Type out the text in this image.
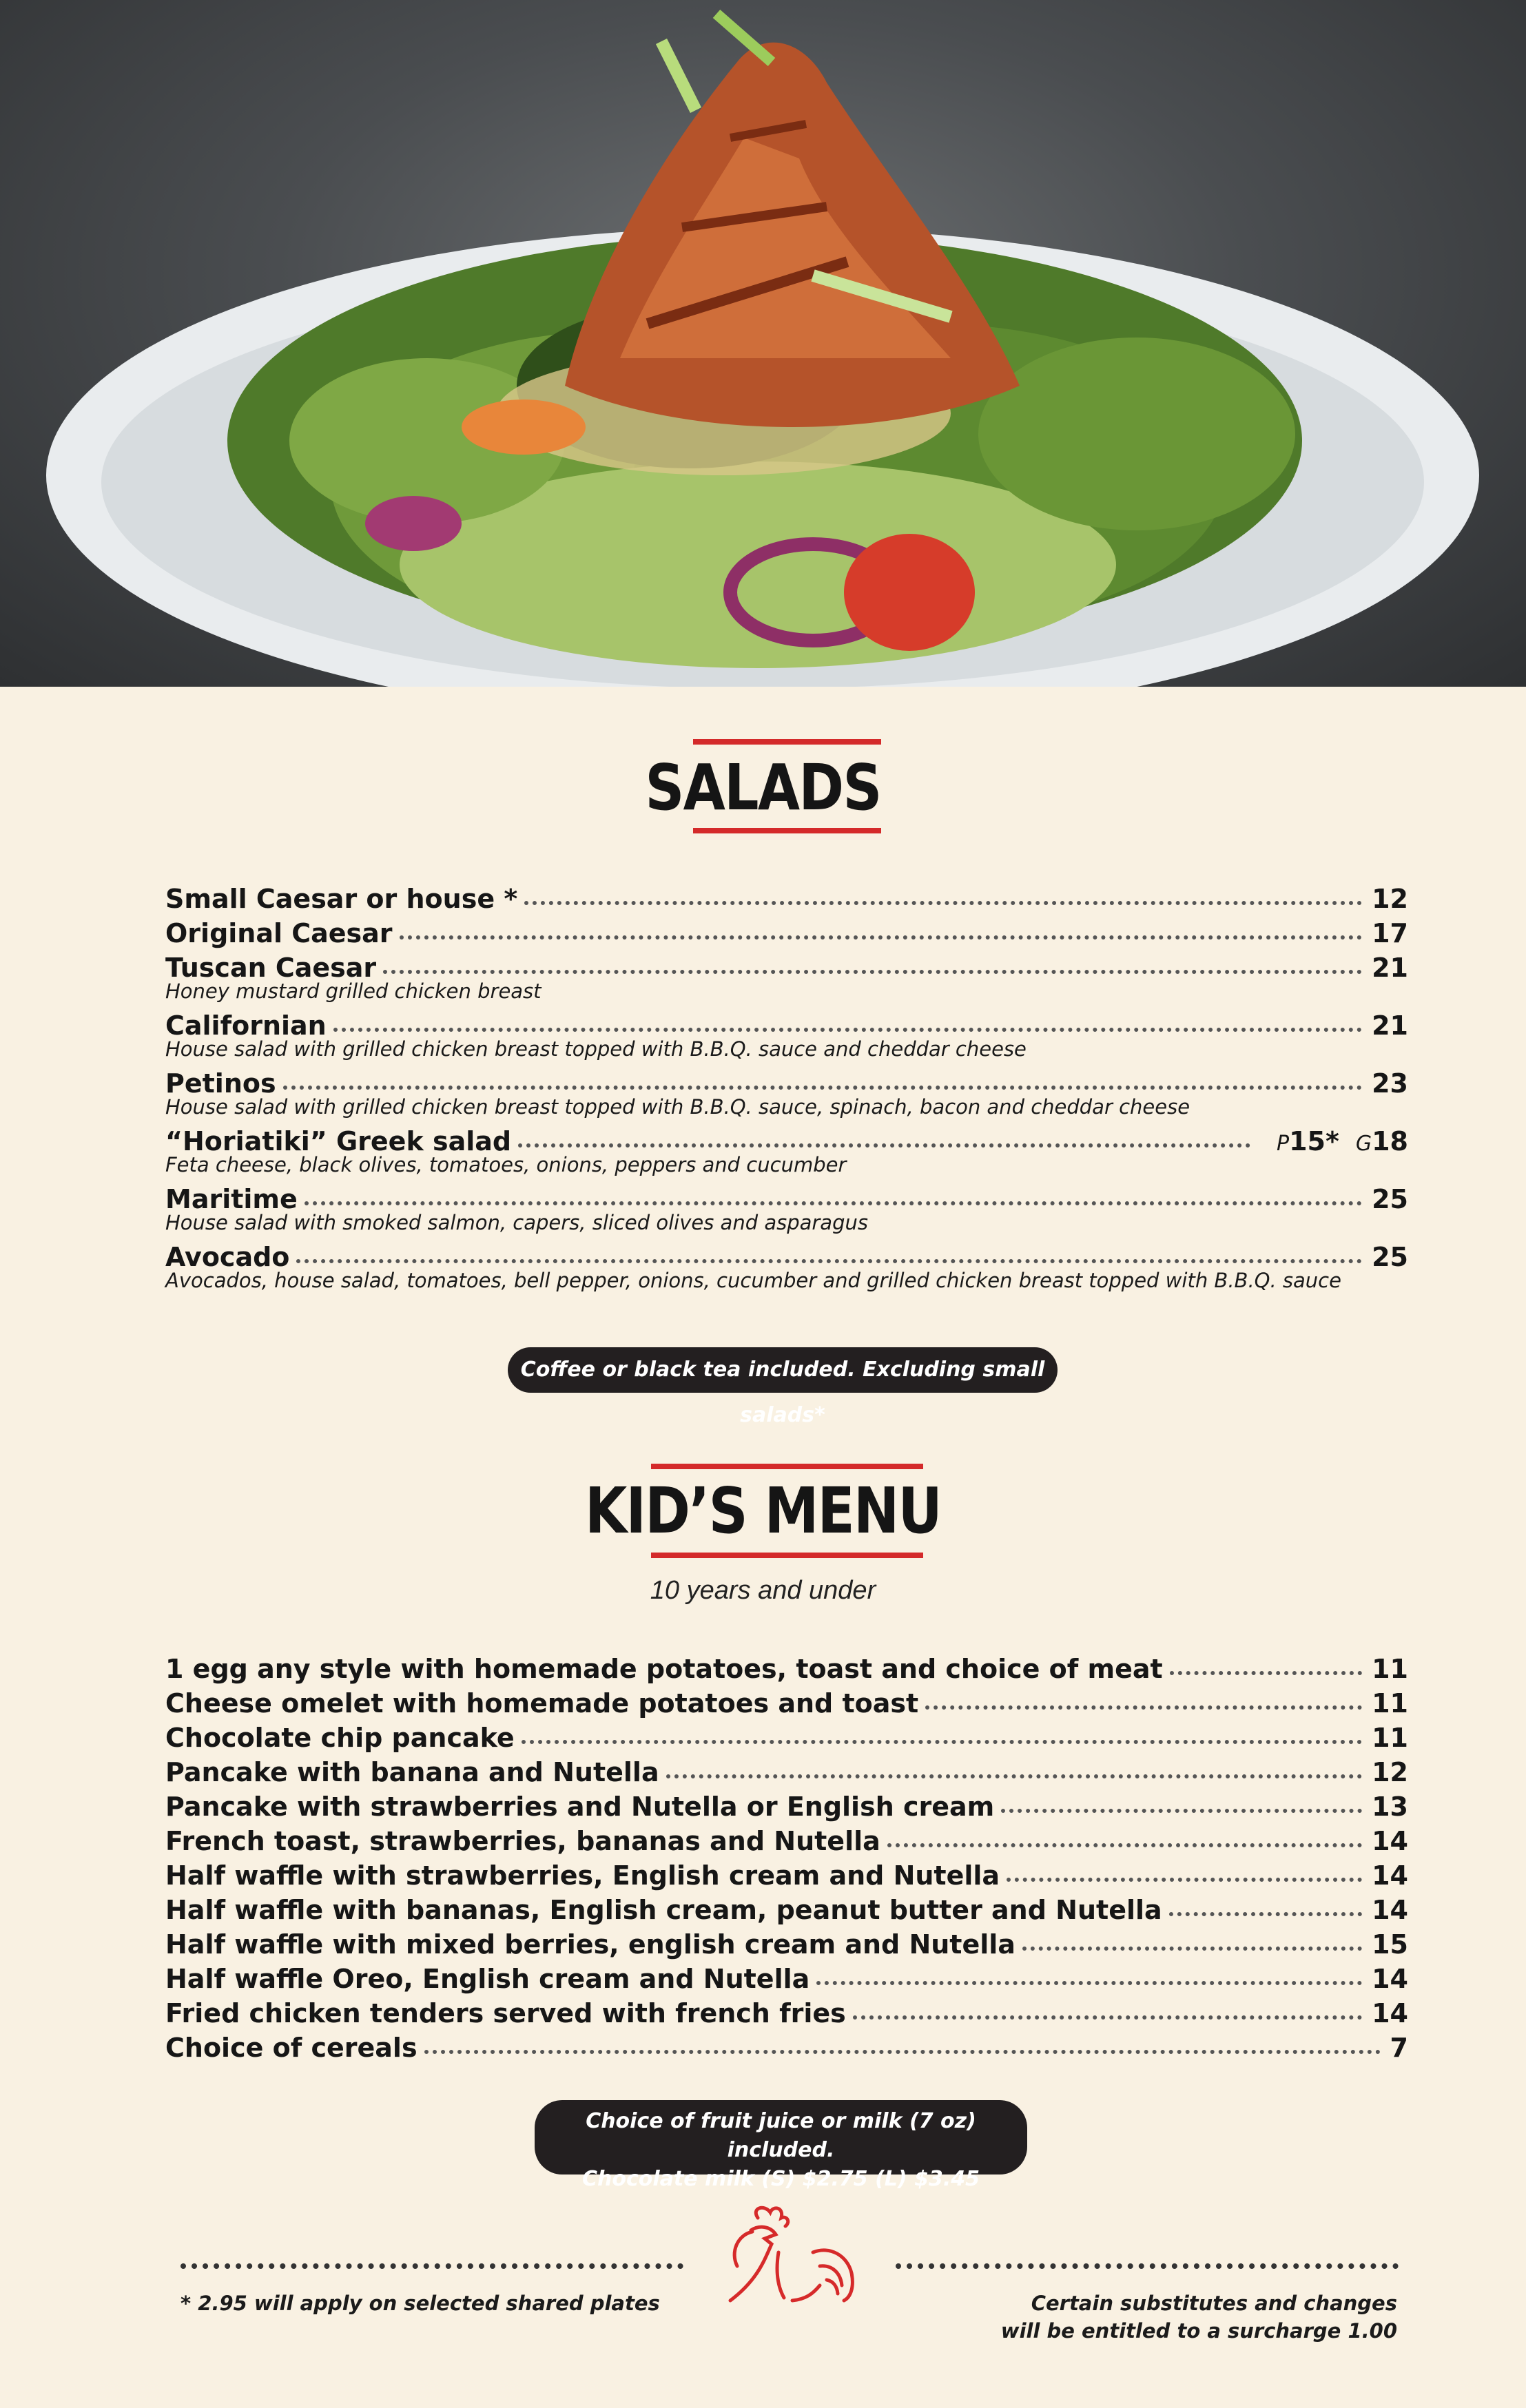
SALADS
Small Caesar or house *	12
Original Caesar	17
Tuscan Caesar	21
Honey mustard grilled chicken breast
Californian	21
House salad with grilled chicken breast topped with B.B.Q. sauce and cheddar cheese
Petinos	23
House salad with grilled chicken breast topped with B.B.Q. sauce, spinach, bacon and cheddar cheese
“Horiatiki” Greek salad	P15* G18
Feta cheese, black olives, tomatoes, onions, peppers and cucumber
Maritime	25
House salad with smoked salmon, capers, sliced olives and asparagus
Avocado	25
Avocados, house salad, tomatoes, bell pepper, onions, cucumber and grilled chicken breast topped with B.B.Q. sauce
Coffee or black tea included. Excluding small salads*
KID’S MENU
10 years and under
1 egg any style with homemade potatoes, toast and choice of meat	11
Cheese omelet with homemade potatoes and toast	11
Chocolate chip pancake	11
Pancake with banana and Nutella	12
Pancake with strawberries and Nutella or English cream	13
French toast, strawberries, bananas and Nutella	14
Half waffle with strawberries, English cream and Nutella	14
Half waffle with bananas, English cream, peanut butter and Nutella	14
Half waffle with mixed berries, english cream and Nutella	15
Half waffle Oreo, English cream and Nutella	14
Fried chicken tenders served with french fries	14
Choice of cereals	7
Choice of fruit juice or milk (7 oz) included.
Chocolate milk (S) $2.75 (L) $3.45
* 2.95 will apply on selected shared plates	Certain substitutes and changes
will be entitled to a surcharge 1.00
